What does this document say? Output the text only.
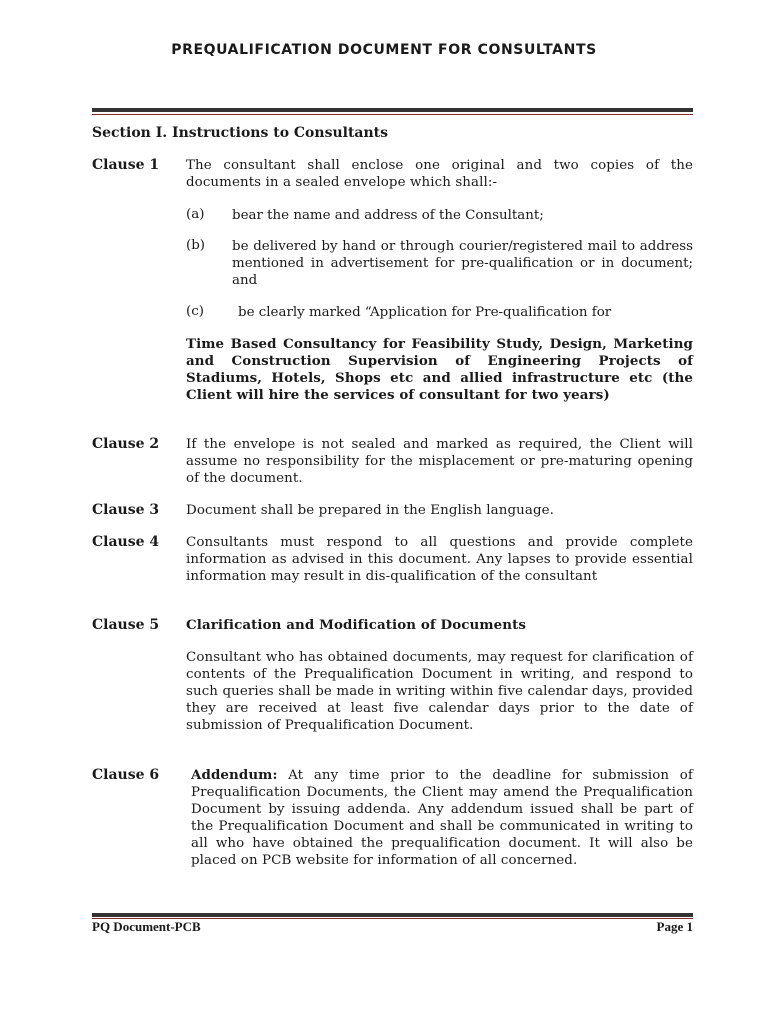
PREQUALIFICATION DOCUMENT FOR CONSULTANTS
Section I. Instructions to Consultants
Clause 1 The consultant shall enclose one original and two copies of the documents in a sealed envelope which shall:-
(a) bear the name and address of the Consultant;
(b) be delivered by hand or through courier/registered mail to address mentioned in advertisement for pre-qualification or in document; and
(c)	be clearly marked “Application for Pre-qualification for
Time Based Consultancy for Feasibility Study, Design, Marketing and Construction Supervision of Engineering Projects of Stadiums, Hotels, Shops etc and allied infrastructure etc (the Client will hire the services of consultant for two years)
Clause 2 If the envelope is not sealed and marked as required, the Client will assume no responsibility for the misplacement or pre-maturing opening of the document.
Clause 3 Document shall be prepared in the English language.
Clause 4 Consultants must respond to all questions and provide complete information as advised in this document. Any lapses to provide essential information may result in dis-qualification of the consultant
Clause 5 Clarification and Modification of Documents
Consultant who has obtained documents, may request for clarification of contents of the Prequalification Document in writing, and respond to such queries shall be made in writing within five calendar days, provided they are received at least five calendar days prior to the date of submission of Prequalification Document.
Clause 6 Addendum: At any time prior to the deadline for submission of Prequalification Documents, the Client may amend the Prequalification Document by issuing addenda. Any addendum issued shall be part of the Prequalification Document and shall be communicated in writing to all who have obtained the prequalification document. It will also be placed on PCB website for information of all concerned.
PQ Document-PCB	Page 1
